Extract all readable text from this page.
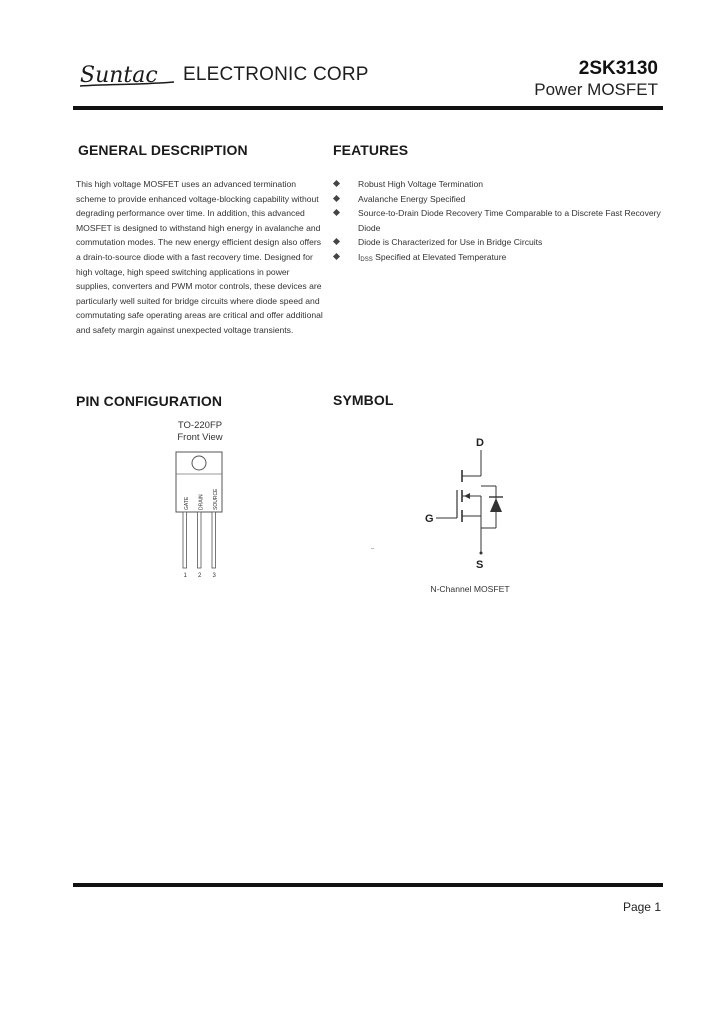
Suntac ELECTRONIC CORP	2SK3130
Power MOSFET
GENERAL DESCRIPTION
This high voltage MOSFET uses an advanced termination scheme to provide enhanced voltage-blocking capability without degrading performance over time. In addition, this advanced MOSFET is designed to withstand high energy in avalanche and commutation modes. The new energy efficient design also offers a drain-to-source diode with a fast recovery time. Designed for high voltage, high speed switching applications in power supplies, converters and PWM motor controls, these devices are particularly well suited for bridge circuits where diode speed and commutating safe operating areas are critical and offer additional and safety margin against unexpected voltage transients.
FEATURES
Robust High Voltage Termination
Avalanche Energy Specified
Source-to-Drain Diode Recovery Time Comparable to a Discrete Fast Recovery Diode
Diode is Characterized for Use in Bridge Circuits
IDSS Specified at Elevated Temperature
PIN CONFIGURATION
TO-220FP
Front View
GATE DRAIN SOURCE
1 2 3
SYMBOL
D
G
S
N-Channel MOSFET
Page 1
